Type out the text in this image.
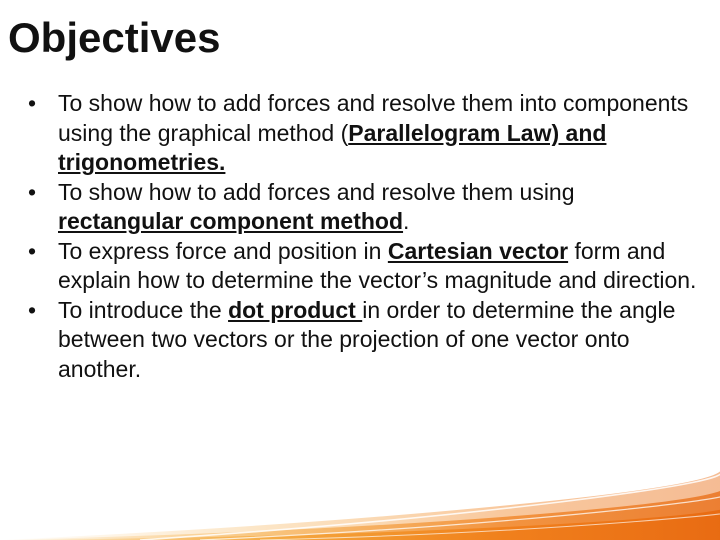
Objectives
• To show how to add forces and resolve them into components using the graphical method (Parallelogram Law) and trigonometries.
• To show how to add forces and resolve them using rectangular component method.
• To express force and position in Cartesian vector form and explain how to determine the vector’s magnitude and direction.
• To introduce the dot product in order to determine the angle between two vectors or the projection of one vector onto another.
